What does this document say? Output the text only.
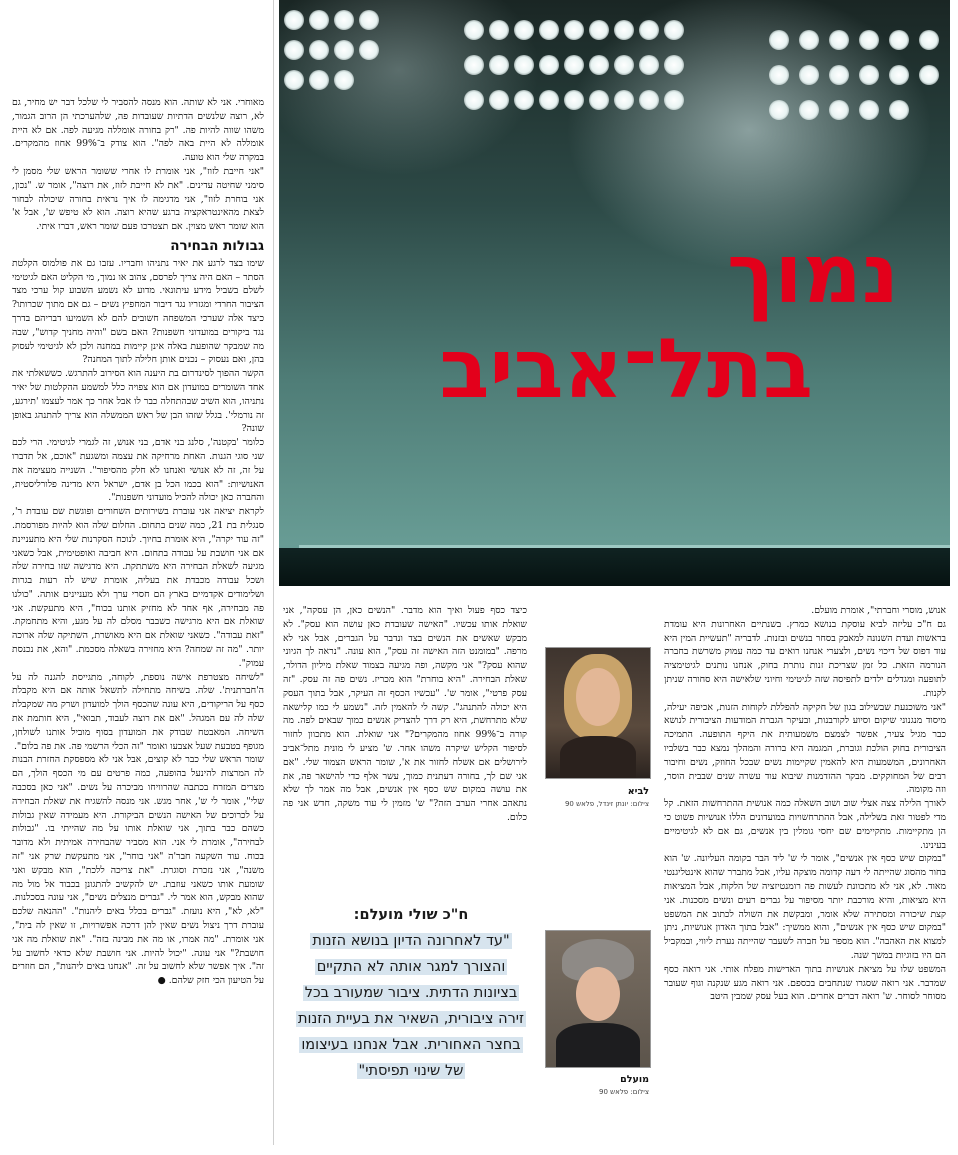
מאוחרי. אני לא שותה. הוא מנסה להסביר לי שלכל דבר יש מחיר, גם לא, רוצה שלנשים הדתיות שעובדות פה, שלהערכתי הן הרוב הגמור, משהו שווה להיות פה. "רק בחורה אומללה מגיעה לפה. אם לא היית אומללה לא היית באה לפה". הוא צודק ב־99% אחוז מהמקרים. במקרה שלי הוא טועה.
"אני חייבת לזוז", אני אומרת לו אחרי ששומר הראש שלי מסמן לי סימני שחיטה עדינים. "את לא חייבת לזוז, את רוצה", אומר ש. "נכון, אני בוחרת לזוז", אני מדגימה לו איך נראית בחורה שיכולה לבחור לצאת מהאינטראקציה ברגע שהיא רוצה. הוא לא טיפש ש', אבל א' הוא שומר ראש מצוין. אם תצטרכו פעם שומר ראש, דברו איתי.

גבולות הבחירה

שימו בצד לרגע את יאיר נתניהו וחבריו. עזבו גם את פולמוס הקלטת הסתר – האם היה צריך לפרסם, צהוב או נמוך, מי הקליט האם לגיטימי לשלם בשביל מידע עיתונאי. מדוע לא נשמע השבוע קול ערכי מצד הציבור החרדי ומגזריו נגד דיבור המחפיץ נשים – גם אם מתוך שכרותו? כיצד אלה שערכי המשפחה חשובים להם לא השמיעו דבריהם בדרך נגד ביקורים במועדוני חשפנות? האם בשם "והיה מחניך קדוש", שבה מה שמבקר שהופעת באלה אינן קיימות במחנה ולכן לא לגיטימי לעסוק בהן, ואם נעסוק – נכנים אותן חלילה לתוך המחנה?
הקשר ההפוך לסינדרום בת היענה הוא הסירוב להתרגש. כששאלתי את אחד השומרים במועדון אם הוא צפויה כלל למשמע ההקלטות של יאיר נתניהו, הוא השיב שבהתחלה כבר לו אבל אחר כך אמר לעצמו 'תירגע, זה נורמלי'. בגלל שזהו הבן של ראש הממשלה הוא צריך להתנהג באופן שונה?
כלומר 'בקטנה', סלנג בני אדם, בני אנוש, זה לגמרי לגיטימי. הרי לכם שני סוגי הגנות. האחת מרחיקה את עצמה ומשגעת "אוכם, אל תדברו על זה, זה לא אנושי ואנחנו לא חלק מהסיפור". השנייה מעצימה את האנושיות: "הוא בכמו הכל בן אדם, ישראל היא מדינה פלורליסטית, והחברה כאן יכולה להכיל מועדוני חשפנות".
לקראת יציאה אני עוברת בשירותים השחורים ופוגשת שם עובדת ר', סנגלית בת 21, כמה שנים בתחום. החלום שלה הוא להיות מפורסמת. "זה עוד יקרה", היא אומרת בחיוך. לנוכח הסקרנות שלי היא מתעניינת אם אני חושבת על עבודה בתחום. היא חביבה ואופטימית, אבל כשאני מגיעה לשאלת הבחירה היא משתתקת. היא מדגישה שזו בחירה שלה ושכל עבודה מכבדת את בעליה, אומרת שיש לה רעות בגרות ושלימודים אקדמיים בארץ הם חסרי ערך ולא מעניינים אותה. "כולנו פה מבחירה, אף אחד לא מחזיק אותנו בכוח", היא מתעקשת. אני שואלת אם היא מרגישה כשבבר מסלם לה על מגע, והיא מתחמקת. "זאת עבודה". כשאני שואלת אם היא מאושרת, השתיקה שלה ארוכה יותר. "מה זה שמחה? היא מחזירה בשאלה מסכמת. "והא, את נכנסת עמוק".
"לשיחה מצטרפת אישה נוספת, לקוחה, מתגייסת להגנה לה על ה'חברתנית'. שלה. בשיחה מתחילה לתשאל אותה אם היא מקבלת כסף על הריקודים, היא עונה שהכסף הולך למועדון ושרק מה שמקבלת שלה לה עם המגהל. "אם את רוצה לעבוד, תבואי", היא חותמת את השיחה. המאבטח שבודק את המועדון בסוף מוביל אותנו לשולחן, מגופף בטבעת שעל אצבעו ואומר "זה הכלי הרשמי פה. את פה בלום".
שומר הראש שלי כבר לא קוצים, אבל אני לא מספסקת החזרת הבנות לה המרצות להינעל בהופעה, כמה פרטים עם מי הכסף הולך, הם מצרים המזרח בכתבה שהרוויחו מביכרה על נשים. "אני כאן בסכבה שלי", אומר לי ש', אחר מגש. אני מנסה להשגיח את שאלת הבחירה על לכרוכים של האישה הנשים הביקורת. היא מעמידה שאין גבולות כשהם כבר בתוך, אני שואלת אותו על מה שהייתי בו. "גבולות לבחירה", אומרת לי אני. הוא מסביר שהבחירה אמיתית ולא מדובר בכוח. עוד השקעה חבר'ה "אני בוחר", אני מתעקשת שרק אני "זה משנה", אני נזכרת וסוגרת. "את צריכה ללכת", הוא מבקש ואני שומעת אותו כשאני עוזבת. יש להקשיב להתגונן בכבוד אל מול מה שהוא מבקש, הוא אמר לי. "גברים מנצלים נשים", אני עונה בסכלנות. "לא, לא", היא נועזת. "גברים בכלל באים ליהנות". "ההנאה שלכם עוברת דרך ניצול נשים שאין להן דרכה אפשרויות, זו שאין לה בית", אני אומרת. "מה אמרו, או מה את מבינה בזה". "את שואלת מה אני חושבת?" אני עונה. "יכול להיות. אני חושבת שלא כדאי לחשוב על זה". איך אפשר שלא לחשוב על זה. "אנחנו באים ליהנות", הם חוזרים על הטיעון הכי חזק שלהם. ●

נמוך
בתל־אביב

כיצד כסף פעול ואיך הוא מדבר. "הנשים כאן, הן עסקה", אני שואלת אותו עכשיו. "האישה שעובדת כאן עושה הוא עסק". לא מבקש שאשים את הנשים בצד ונדבר על הגברים, אבל אני לא מרפה. "במומנט הזה האישה זה עסק", הוא עונה. "נראה לך הגיוני שהוא עסק?" אני מקשה, ופה מגיעה בצמוד שאלת מיליון הדולר, שאלת הבחירה. "היא בוחרת" הוא מכריז. נשים פה זה עסק. "זה עסק פרטי", אומר ש'. "עכשיו הכסף זה העיקר, אבל בתוך העסק היא יכולה להתנהג". קשה לי להאמין לזה. "נשמע לי כמו קלישאה שלא מתרחשת, היא רק דרך להצדיק אנשים כמוך שבאים לפה. מה קורה ב־99% אחוז מהמקרים?" אני שואלת. הוא מתכוון לחזור לסיפור הקליש שיקרה משהו אחר. ש' מציע לי מונית מתל־אביב לירושלים אם אשלח לחזור את א', שומר הראש הצמוד שלי. "אם אני שם לך, בחורה דעתנית כמוך, עשר אלף כדי להישאר פה, את את עושה במקום שש כסף אין אנשים, אבל מה אמר לך שלא נתאהב אחרי הערב הזה?" ש' מזמין לי עוד משקה, חדש אני פה כלום.

לביא
צילום: יונתן זינדל, פלאש 90
מועלם
צילום: פלאש 90
ח"כ שולי מועלם:
"עד לאחרונה הדיון בנושא הזנות והצורך למגר אותה לא התקיים בציונות הדתית. ציבור שמעורב בכל זירה ציבורית, השאיר את בעיית הזנות בחצר האחורית. אבל אנחנו בעיצומו של שינוי תפיסתי"

אנוש, מוסרי וחברתי", אומרת מועלם.
גם ח"כ עליזה לביא עוסקת בנושא כמרץ. בשנתיים האחרונות היא עומדת בראשות ועדת השנונה למאבק בסחר בנשים ובזנות. לדבריה "תעשיית המין היא עוד דפוס של דיכוי נשים, ולצערי אנחנו רואים עד כמה עמוק משרשת בחברה הנורמה הזאת. כל זמן שצריכת זנות נותרת בחוק, אנחנו נותנים לגיטימציה לתופעה ומגדלים ילדים לתפיסה שזה לגיטימי וחיוני שלאישה היא סחורה שניתן לקנות.
"אני משוכנעת שבשילוב בגון של חקיקה להפללת לקוחות הזנות, אכיפה יעילה, מיסוד מנגנוני שיקום וסיוע לקורבנות, ובעיקר הגברת המודעות הציבורית לנושא כבר מגיל צעיר, אפשר לצמצם משמעותית את היקף התופעה. התמיכה הציבורית בחוק הולכת וגוברת, המגמה היא ברורה והמהלך נמצא כבר בשלביו האחרונים, המשמעות היא להאמין שקיימות נשים שבכל החוזק, נשים וחיבור רבים של המחוקקים. מבקר ההזדמנות שיבוא עוד עשרה שנים שבבית הוסר, וזה מקומה.
לאורך הלילה צצה אצלי שוב ושוב השאלה כמה אנושית ההתרחשות הזאת. קל מדי לפטור זאת בשלילה, אבל ההתרחשויות במועדונים הללו אנושיות פשוט כי הן מתקיימות. מתקיימים שם יחסי גומלין בין אנשים, גם אם לא לגיטימיים בעינינו.
"במקום שיש כסף אין אנשים", אומר לי ש' ליד הבר בקומה העליונה. ש' הוא בחור מהסוג שהייתה לי דעה קדומה מוצקה עליו, אבל מתברר שהוא אינטליגנטי מאוד. לא, אני לא מתכוונת לעשות פה רומנטיזציה של הלקוח, אבל המציאות היא מציאות, והיא מורכבת יותר מסיפור על גברים רעים ונשים מסכנות. אני קצת שיכורה ומסתירה שלא אומר, ומבקשת את השולה לכתוב את המשפט "במקום שיש כסף אין אנשים", והוא ממשיך: "אבל בתוך האדון אנושיות, ניתן למצוא את האהבה". הוא מספר על חברה לשעבר שהייתה נערת ליווי, ובמקביל הם היו בזוגיות במשך שנה.
המשפט שלו על מציאת אנושיות בתוך האדישות מפלח אותי. אני רואה כסף שמדבר. אני רואה שסגרו שנתחבים בכספם. אני רואה מגע שנקנה וגוף שעובר מסוחר לסוחר. ש' רואה דברים אחרים. הוא בעל עסק שמבין היטב
